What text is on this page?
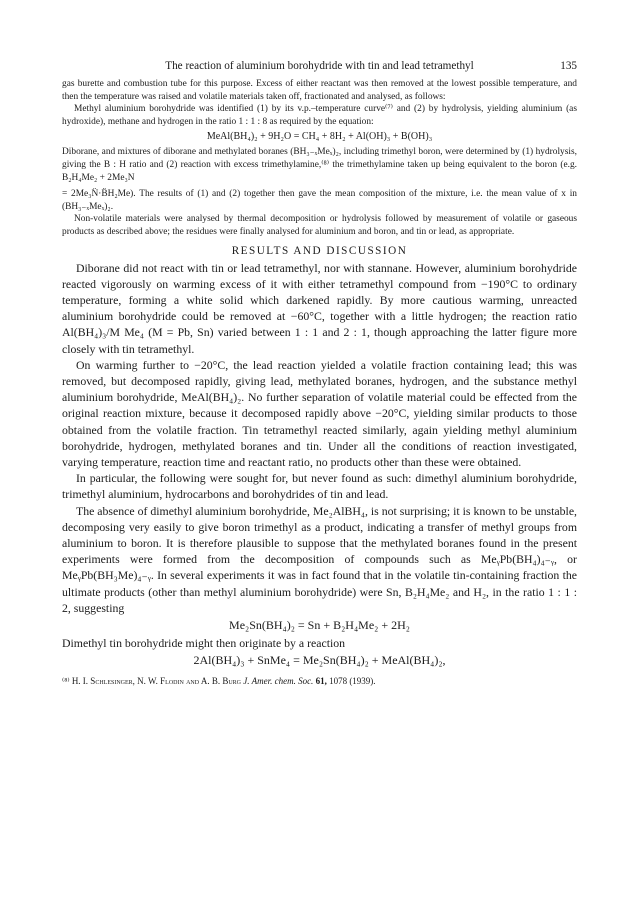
The reaction of aluminium borohydride with tin and lead tetramethyl	135

gas burette and combustion tube for this purpose. Excess of either reactant was then removed at the lowest possible temperature, and then the temperature was raised and volatile materials taken off, fractionated and analysed, as follows:

Methyl aluminium borohydride was identified (1) by its v.p.–temperature curve⁽⁷⁾ and (2) by hydrolysis, yielding aluminium (as hydroxide), methane and hydrogen in the ratio 1 : 1 : 8 as required by the equation:

MeAl(BH₄)₂ + 9H₂O = CH₄ + 8H₂ + Al(OH)₃ + B(OH)₃

Diborane, and mixtures of diborane and methylated boranes (BH₃₋ₓMeₓ)₂, including trimethyl boron, were determined by (1) hydrolysis, giving the B : H ratio and (2) reaction with excess trimethylamine,⁽⁸⁾ the trimethylamine taken up being equivalent to the boron (e.g. B₂H₄Me₂ + 2Me₃N

= 2Me₃N̈·B̈H₂Me). The results of (1) and (2) together then gave the mean composition of the mixture, i.e. the mean value of x in (BH₃₋ₓMeₓ)₂.

Non-volatile materials were analysed by thermal decomposition or hydrolysis followed by measurement of volatile or gaseous products as described above; the residues were finally analysed for aluminium and boron, and tin or lead, as appropriate.

RESULTS AND DISCUSSION

Diborane did not react with tin or lead tetramethyl, nor with stannane. However, aluminium borohydride reacted vigorously on warming excess of it with either tetramethyl compound from −190°C to ordinary temperature, forming a white solid which darkened rapidly. By more cautious warming, unreacted aluminium borohydride could be removed at −60°C, together with a little hydrogen; the reaction ratio Al(BH₄)₃/M Me₄ (M = Pb, Sn) varied between 1 : 1 and 2 : 1, though approaching the latter figure more closely with tin tetramethyl.

On warming further to −20°C, the lead reaction yielded a volatile fraction containing lead; this was removed, but decomposed rapidly, giving lead, methylated boranes, hydrogen, and the substance methyl aluminium borohydride, MeAl(BH₄)₂. No further separation of volatile material could be effected from the original reaction mixture, because it decomposed rapidly above −20°C, yielding similar products to those obtained from the volatile fraction. Tin tetramethyl reacted similarly, again yielding methyl aluminium borohydride, hydrogen, methylated boranes and tin. Under all the conditions of reaction investigated, varying temperature, reaction time and reactant ratio, no products other than these were obtained.

In particular, the following were sought for, but never found as such: dimethyl aluminium borohydride, trimethyl aluminium, hydrocarbons and borohydrides of tin and lead.

The absence of dimethyl aluminium borohydride, Me₂AlBH₄, is not surprising; it is known to be unstable, decomposing very easily to give boron trimethyl as a product, indicating a transfer of methyl groups from aluminium to boron. It is therefore plausible to suppose that the methylated boranes found in the present experiments were formed from the decomposition of compounds such as MeᵧPb(BH₄)₄₋ᵧ, or MeᵧPb(BH₃Me)₄₋ᵧ. In several experiments it was in fact found that in the volatile tin-containing fraction the ultimate products (other than methyl aluminium borohydride) were Sn, B₂H₄Me₂ and H₂, in the ratio 1 : 1 : 2, suggesting

Me₂Sn(BH₄)₂ = Sn + B₂H₄Me₂ + 2H₂

Dimethyl tin borohydride might then originate by a reaction

2Al(BH₄)₃ + SnMe₄ = Me₂Sn(BH₄)₂ + MeAl(BH₄)₂,
⁽⁸⁾ H. I. Schlesinger, N. W. Flodin and A. B. Burg J. Amer. chem. Soc. 61, 1078 (1939).
